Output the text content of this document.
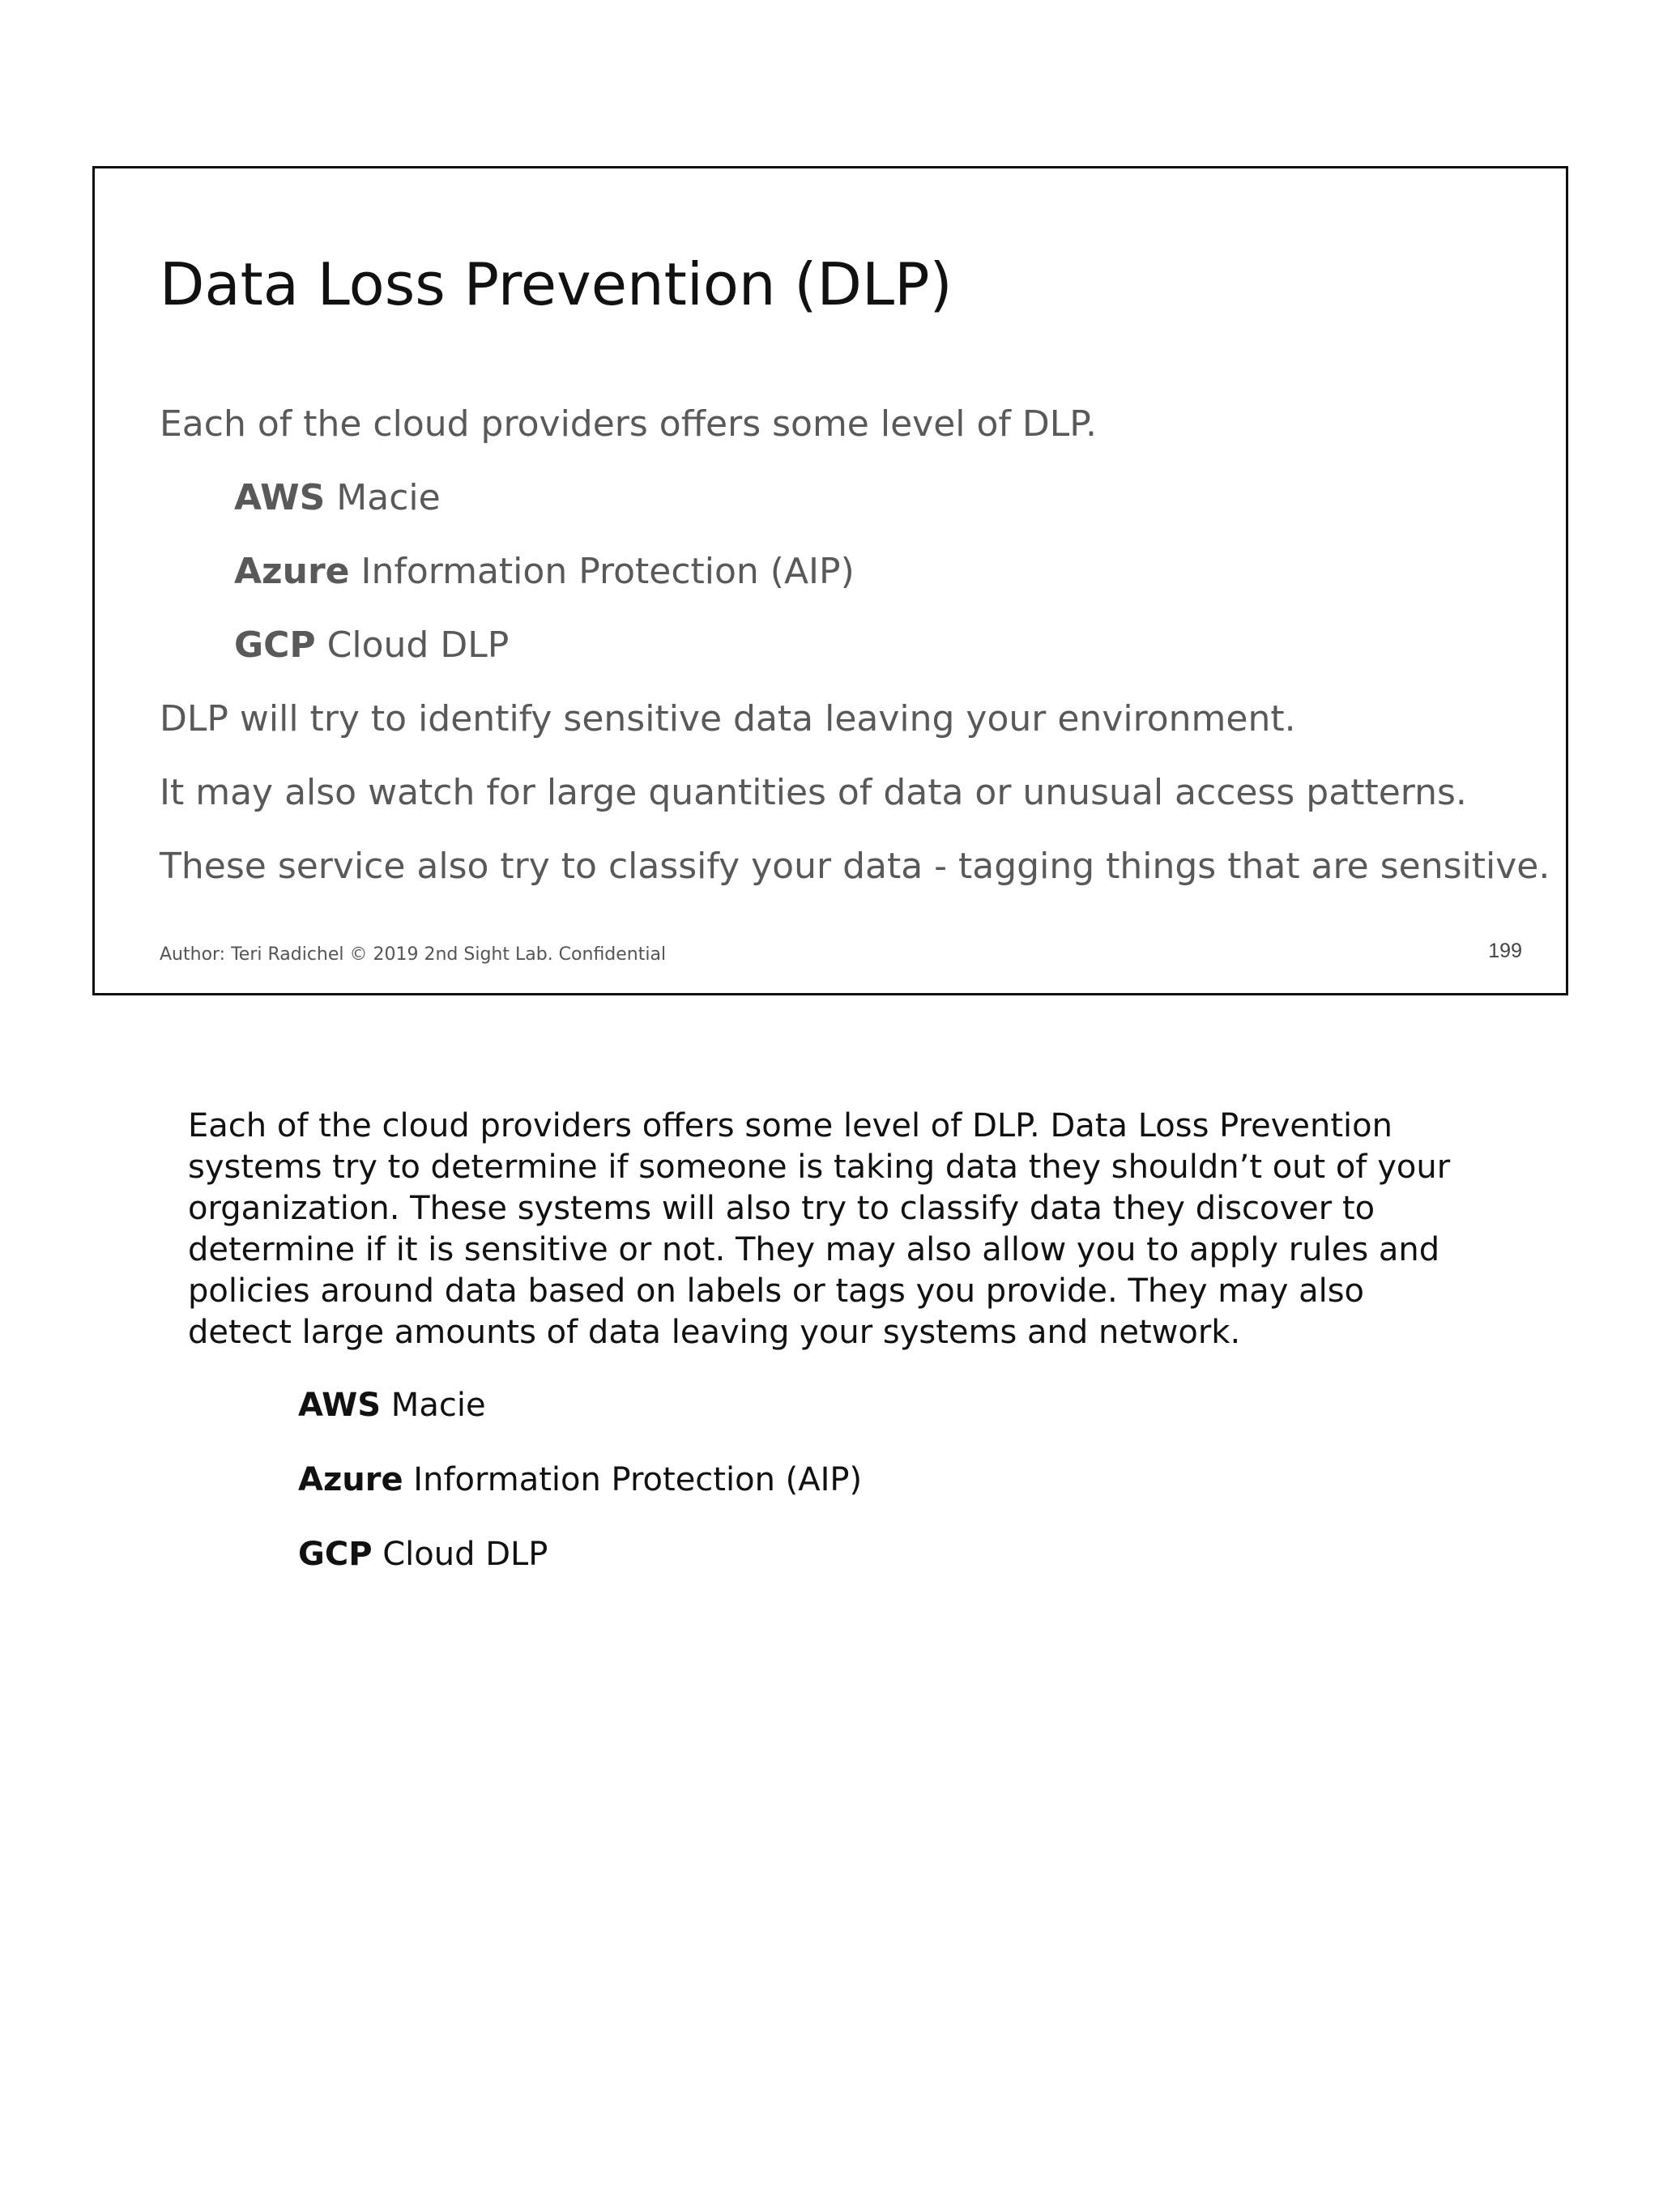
Data Loss Prevention (DLP)
Each of the cloud providers offers some level of DLP.
AWS Macie
Azure Information Protection (AIP)
GCP Cloud DLP
DLP will try to identify sensitive data leaving your environment.
It may also watch for large quantities of data or unusual access patterns.
These service also try to classify your data - tagging things that are sensitive.
Author: Teri Radichel © 2019 2nd Sight Lab. Confidential	199

Each of the cloud providers offers some level of DLP. Data Loss Prevention systems try to determine if someone is taking data they shouldn’t out of your organization. These systems will also try to classify data they discover to determine if it is sensitive or not. They may also allow you to apply rules and policies around data based on labels or tags you provide. They may also detect large amounts of data leaving your systems and network.

AWS Macie
Azure Information Protection (AIP)
GCP Cloud DLP
